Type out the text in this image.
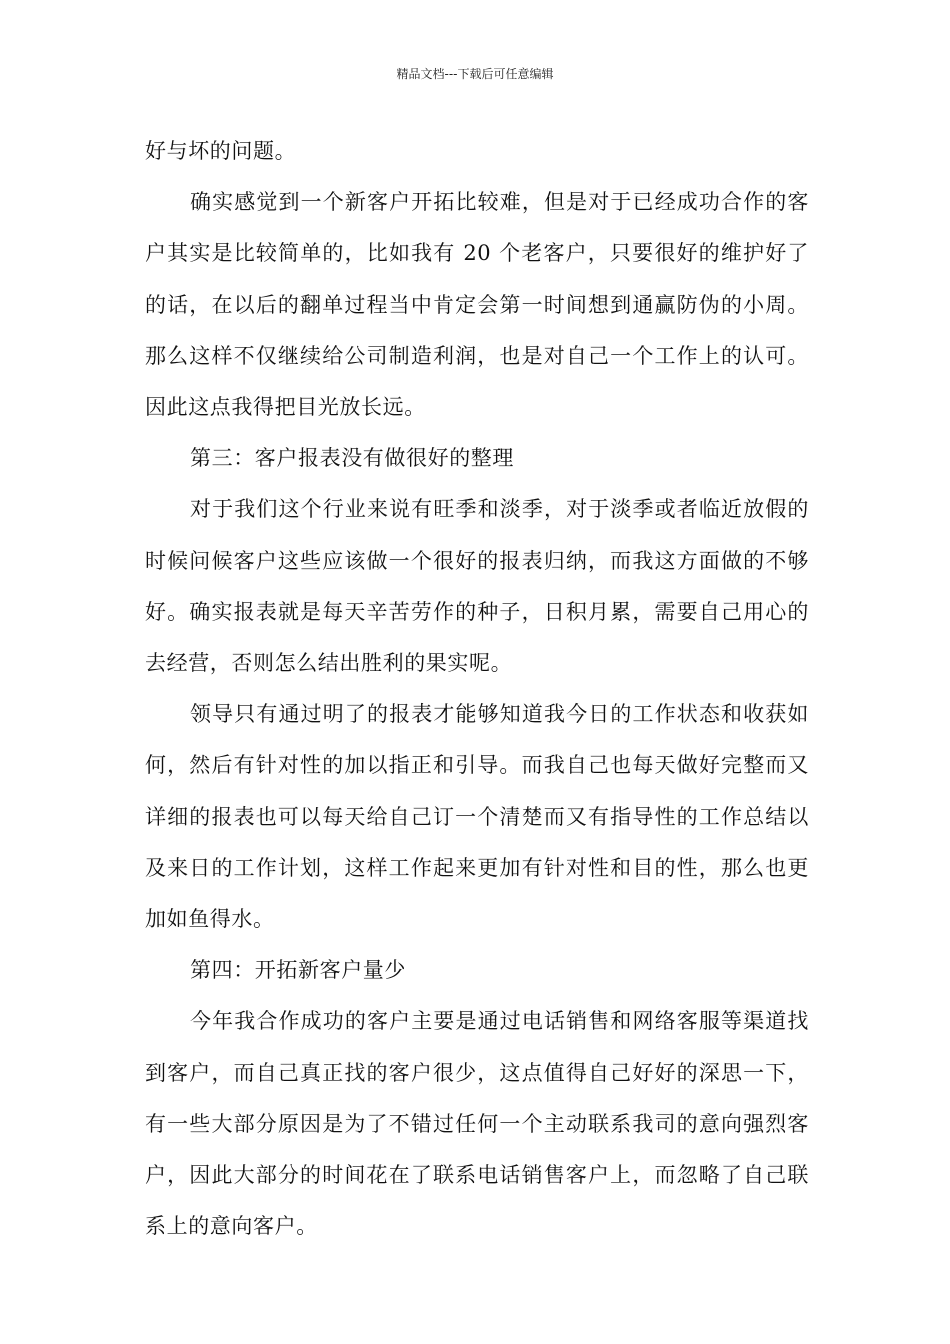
精品文档---下载后可任意编辑

好与坏的问题。

确实感觉到一个新客户开拓比较难，但是对于已经成功合作的客户其实是比较简单的，比如我有 20 个老客户，只要很好的维护好了的话，在以后的翻单过程当中肯定会第一时间想到通赢防伪的小周。那么这样不仅继续给公司制造利润，也是对自己一个工作上的认可。因此这点我得把目光放长远。

第三：客户报表没有做很好的整理

对于我们这个行业来说有旺季和淡季，对于淡季或者临近放假的时候问候客户这些应该做一个很好的报表归纳，而我这方面做的不够好。确实报表就是每天辛苦劳作的种子，日积月累，需要自己用心的去经营，否则怎么结出胜利的果实呢。

领导只有通过明了的报表才能够知道我今日的工作状态和收获如何，然后有针对性的加以指正和引导。而我自己也每天做好完整而又详细的报表也可以每天给自己订一个清楚而又有指导性的工作总结以及来日的工作计划，这样工作起来更加有针对性和目的性，那么也更加如鱼得水。

第四：开拓新客户量少

今年我合作成功的客户主要是通过电话销售和网络客服等渠道找到客户，而自己真正找的客户很少，这点值得自己好好的深思一下，有一些大部分原因是为了不错过任何一个主动联系我司的意向强烈客户，因此大部分的时间花在了联系电话销售客户上，而忽略了自己联系上的意向客户。
